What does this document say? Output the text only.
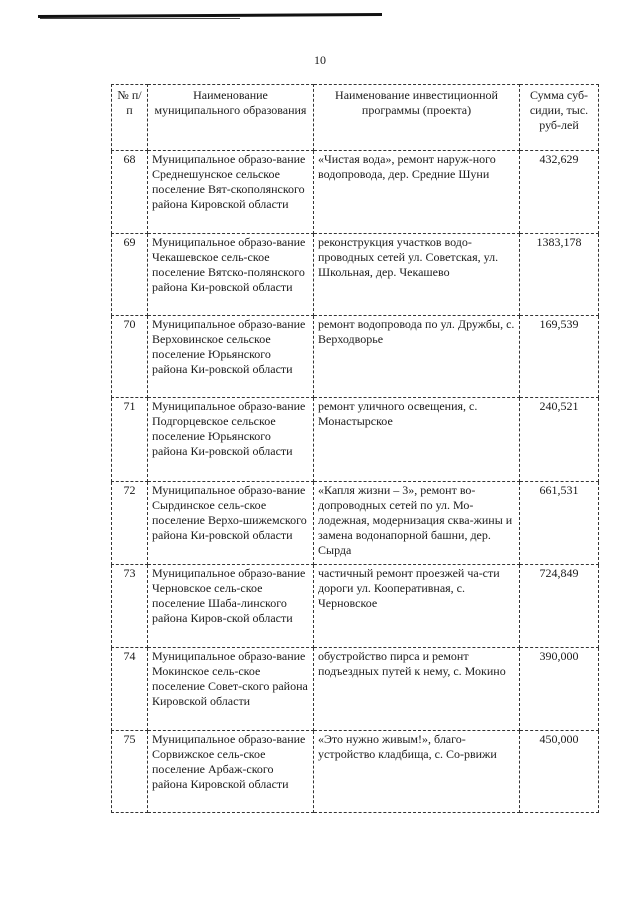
10
№ п/п	Наименование муниципального образования	Наименование инвестиционной программы (проекта)	Сумма суб-сидии, тыс. руб-лей
68	Муниципальное образо-вание Среднешунское сельское поселение Вят-скополянского района Кировской области	«Чистая вода», ремонт наруж-ного водопровода, дер. Средние Шуни	432,629
69	Муниципальное образо-вание Чекашевское сель-ское поселение Вятско-полянского района Ки-ровской области	реконструкция участков водо-проводных сетей ул. Советская, ул. Школьная, дер. Чекашево	1383,178
70	Муниципальное образо-вание Верховинское сельское поселение Юрьянского района Ки-ровской области	ремонт водопровода по ул. Дружбы, с. Верходворье	169,539
71	Муниципальное образо-вание Подгорцевское сельское поселение Юрьянского района Ки-ровской области	ремонт уличного освещения, с. Монастырское	240,521
72	Муниципальное образо-вание Сырдинское сель-ское поселение Верхо-шижемского района Ки-ровской области	«Капля жизни – 3», ремонт во-допроводных сетей по ул. Мо-лодежная, модернизация сква-жины и замена водонапорной башни, дер. Сырда	661,531
73	Муниципальное образо-вание Черновское сель-ское поселение Шаба-линского района Киров-ской области	частичный ремонт проезжей ча-сти дороги ул. Кооперативная, с. Черновское	724,849
74	Муниципальное образо-вание Мокинское сель-ское поселение Совет-ского района Кировской области	обустройство пирса и ремонт подъездных путей к нему, с. Мокино	390,000
75	Муниципальное образо-вание Сорвижское сель-ское поселение Арбаж-ского района Кировской области	«Это нужно живым!», благо-устройство кладбища, с. Со-рвижи	450,000
